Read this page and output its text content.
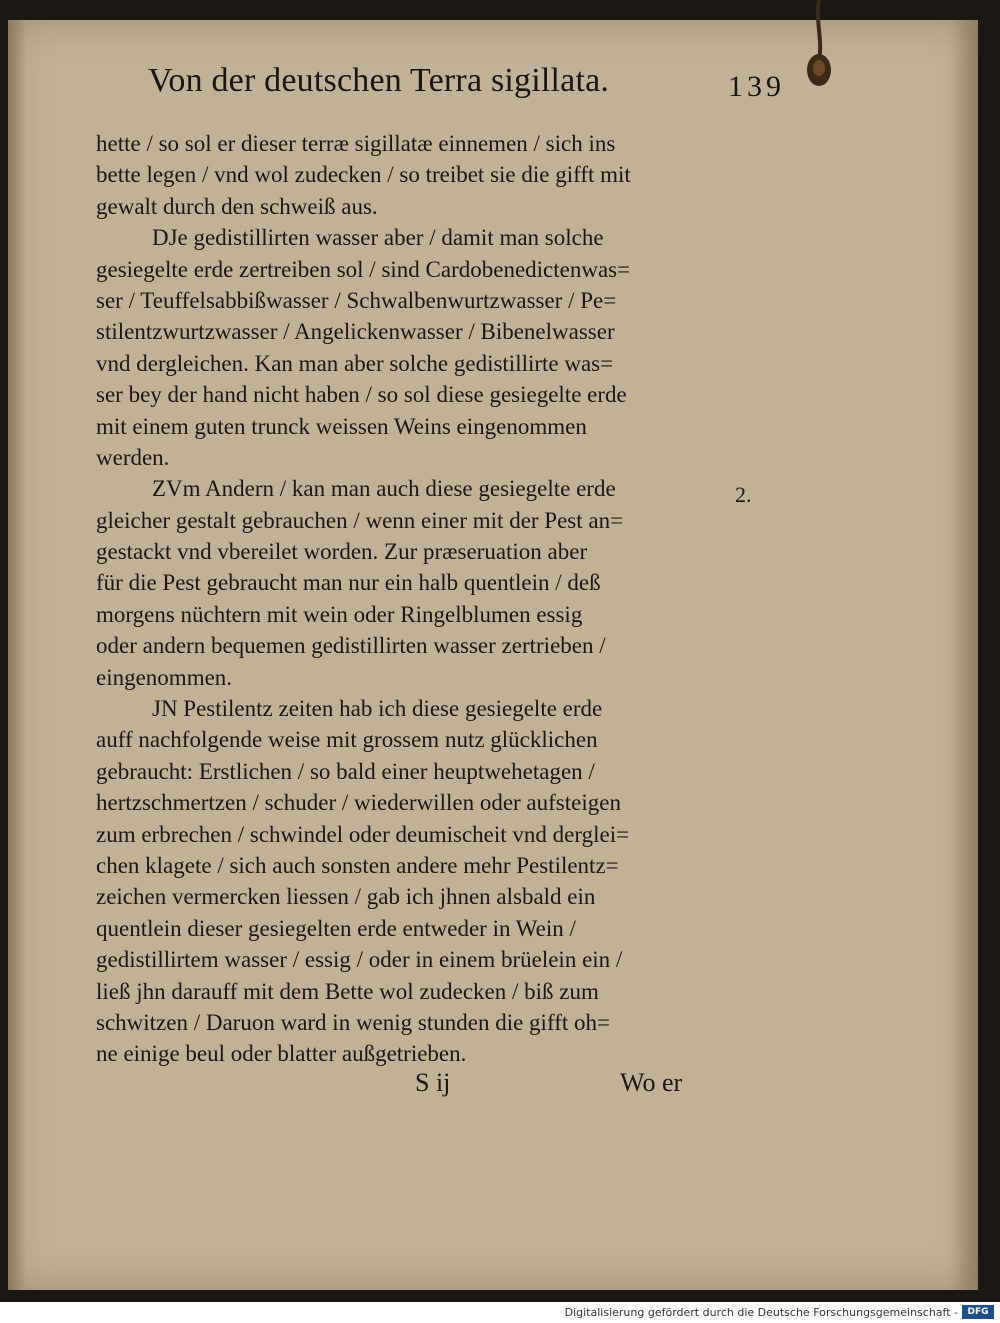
Von der deutschen Terra sigillata.	139
hette / so sol er dieser terræ sigillatæ einnemen / sich ins
bette legen / vnd wol zudecken / so treibet sie die gifft mit
gewalt durch den schweiß aus.
DJe gedistillirten wasser aber / damit man solche
gesiegelte erde zertreiben sol / sind Cardobenedictenwas=
ser / Teuffelsabbißwasser / Schwalbenwurtzwasser / Pe=
stilentzwurtzwasser / Angelickenwasser / Bibenelwasser
vnd dergleichen. Kan man aber solche gedistillirte was=
ser bey der hand nicht haben / so sol diese gesiegelte erde
mit einem guten trunck weissen Weins eingenommen
werden.
ZVm Andern / kan man auch diese gesiegelte erde
gleicher gestalt gebrauchen / wenn einer mit der Pest an=
gestackt vnd vbereilet worden. Zur præseruation aber
für die Pest gebraucht man nur ein halb quentlein / deß
morgens nüchtern mit wein oder Ringelblumen essig
oder andern bequemen gedistillirten wasser zertrieben /
eingenommen.
JN Pestilentz zeiten hab ich diese gesiegelte erde
auff nachfolgende weise mit grossem nutz glücklichen
gebraucht: Erstlichen / so bald einer heuptwehetagen /
hertzschmertzen / schuder / wiederwillen oder aufsteigen
zum erbrechen / schwindel oder deumischeit vnd derglei=
chen klagete / sich auch sonsten andere mehr Pestilentz=
zeichen vermercken liessen / gab ich jhnen alsbald ein
quentlein dieser gesiegelten erde entweder in Wein /
gedistillirtem wasser / essig / oder in einem brüelein ein /
ließ jhn darauff mit dem Bette wol zudecken / biß zum
schwitzen / Daruon ward in wenig stunden die gifft oh=
ne einige beul oder blatter außgetrieben.
2.
S ij	Wo er
Digitalisierung gefördert durch die Deutsche Forschungsgemeinschaft -	DFG
